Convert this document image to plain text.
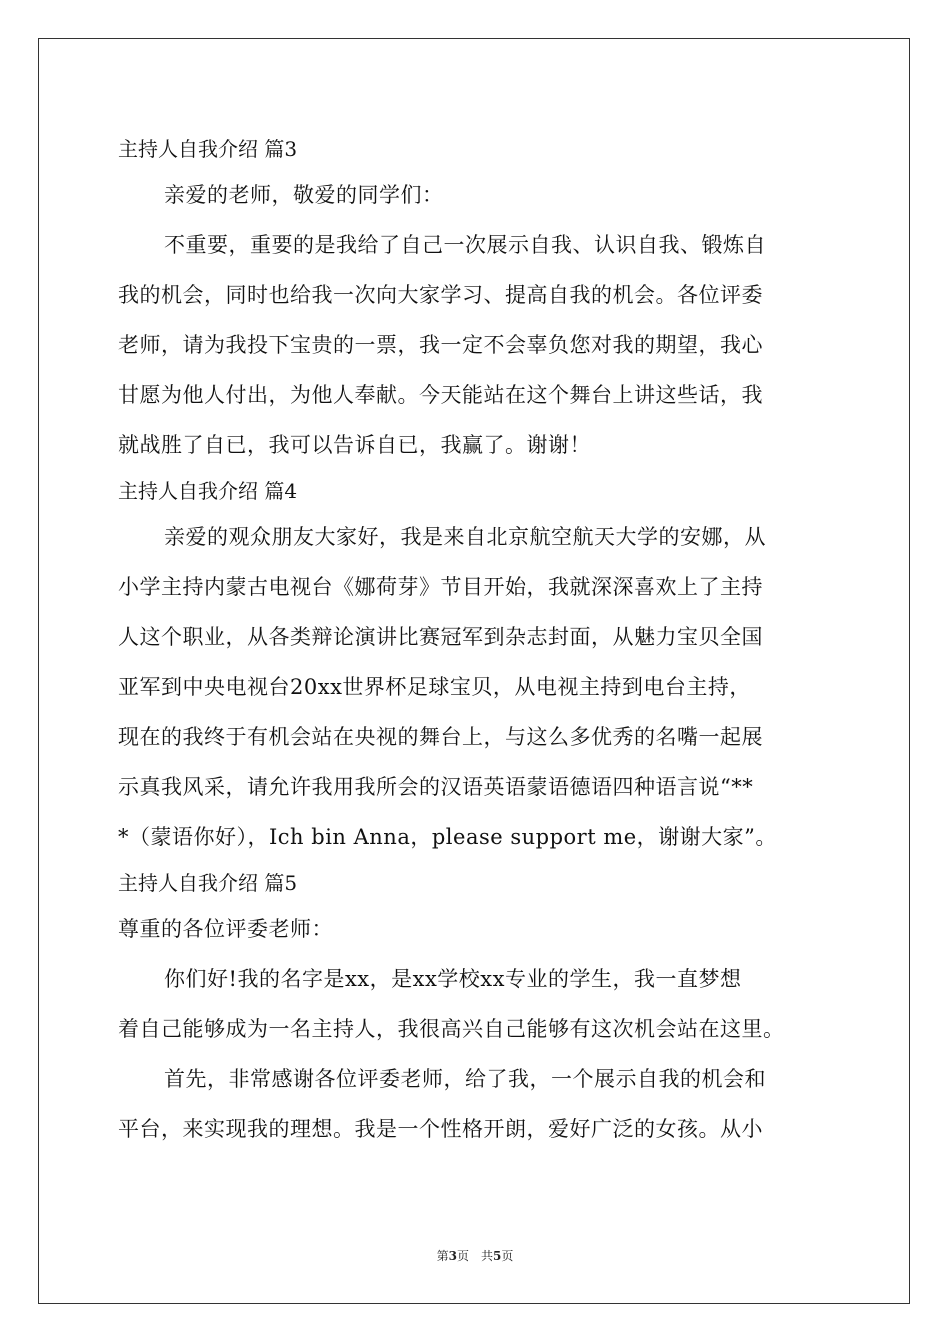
主持人自我介绍 篇3
亲爱的老师，敬爱的同学们：
不重要，重要的是我给了自己一次展示自我、认识自我、锻炼自
我的机会，同时也给我一次向大家学习、提高自我的机会。各位评委
老师，请为我投下宝贵的一票，我一定不会辜负您对我的期望，我心
甘愿为他人付出，为他人奉献。今天能站在这个舞台上讲这些话，我
就战胜了自已，我可以告诉自已，我赢了。谢谢！
主持人自我介绍 篇4
亲爱的观众朋友大家好，我是来自北京航空航天大学的安娜，从
小学主持内蒙古电视台《娜荷芽》节目开始，我就深深喜欢上了主持
人这个职业，从各类辩论演讲比赛冠军到杂志封面，从魅力宝贝全国
亚军到中央电视台20xx世界杯足球宝贝，从电视主持到电台主持，
现在的我终于有机会站在央视的舞台上，与这么多优秀的名嘴一起展
示真我风采，请允许我用我所会的汉语英语蒙语德语四种语言说“**
*（蒙语你好），Ich bin Anna，please support me，谢谢大家”。
主持人自我介绍 篇5
尊重的各位评委老师：
你们好!我的名字是xx，是xx学校xx专业的学生，我一直梦想
着自己能够成为一名主持人，我很高兴自己能够有这次机会站在这里。
首先，非常感谢各位评委老师，给了我，一个展示自我的机会和
平台，来实现我的理想。我是一个性格开朗，爱好广泛的女孩。从小
第3页　共5页
